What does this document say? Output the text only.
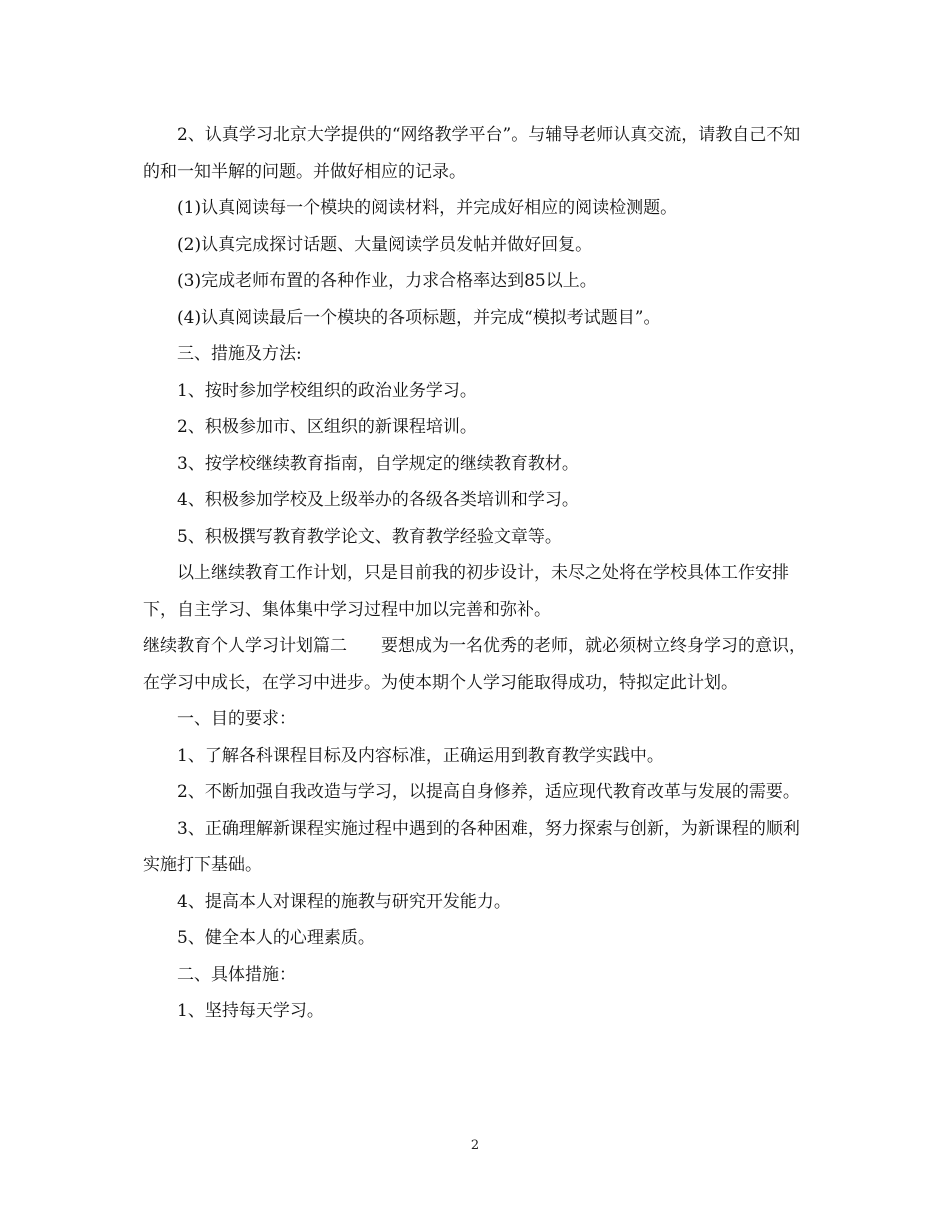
2、认真学习北京大学提供的“网络教学平台”。与辅导老师认真交流，请教自己不知的和一知半解的问题。并做好相应的记录。

(1)认真阅读每一个模块的阅读材料，并完成好相应的阅读检测题。

(2)认真完成探讨话题、大量阅读学员发帖并做好回复。

(3)完成老师布置的各种作业，力求合格率达到85以上。

(4)认真阅读最后一个模块的各项标题，并完成“模拟考试题目”。

三、措施及方法:

1、按时参加学校组织的政治业务学习。

2、积极参加市、区组织的新课程培训。

3、按学校继续教育指南，自学规定的继续教育教材。

4、积极参加学校及上级举办的各级各类培训和学习。

5、积极撰写教育教学论文、教育教学经验文章等。

以上继续教育工作计划，只是目前我的初步设计，未尽之处将在学校具体工作安排下，自主学习、集体集中学习过程中加以完善和弥补。

继续教育个人学习计划篇二　　要想成为一名优秀的老师，就必须树立终身学习的意识，在学习中成长，在学习中进步。为使本期个人学习能取得成功，特拟定此计划。

一、目的要求：

1、了解各科课程目标及内容标准，正确运用到教育教学实践中。

2、不断加强自我改造与学习，以提高自身修养，适应现代教育改革与发展的需要。

3、正确理解新课程实施过程中遇到的各种困难，努力探索与创新，为新课程的顺利实施打下基础。

4、提高本人对课程的施教与研究开发能力。

5、健全本人的心理素质。

二、具体措施：

1、坚持每天学习。

2
